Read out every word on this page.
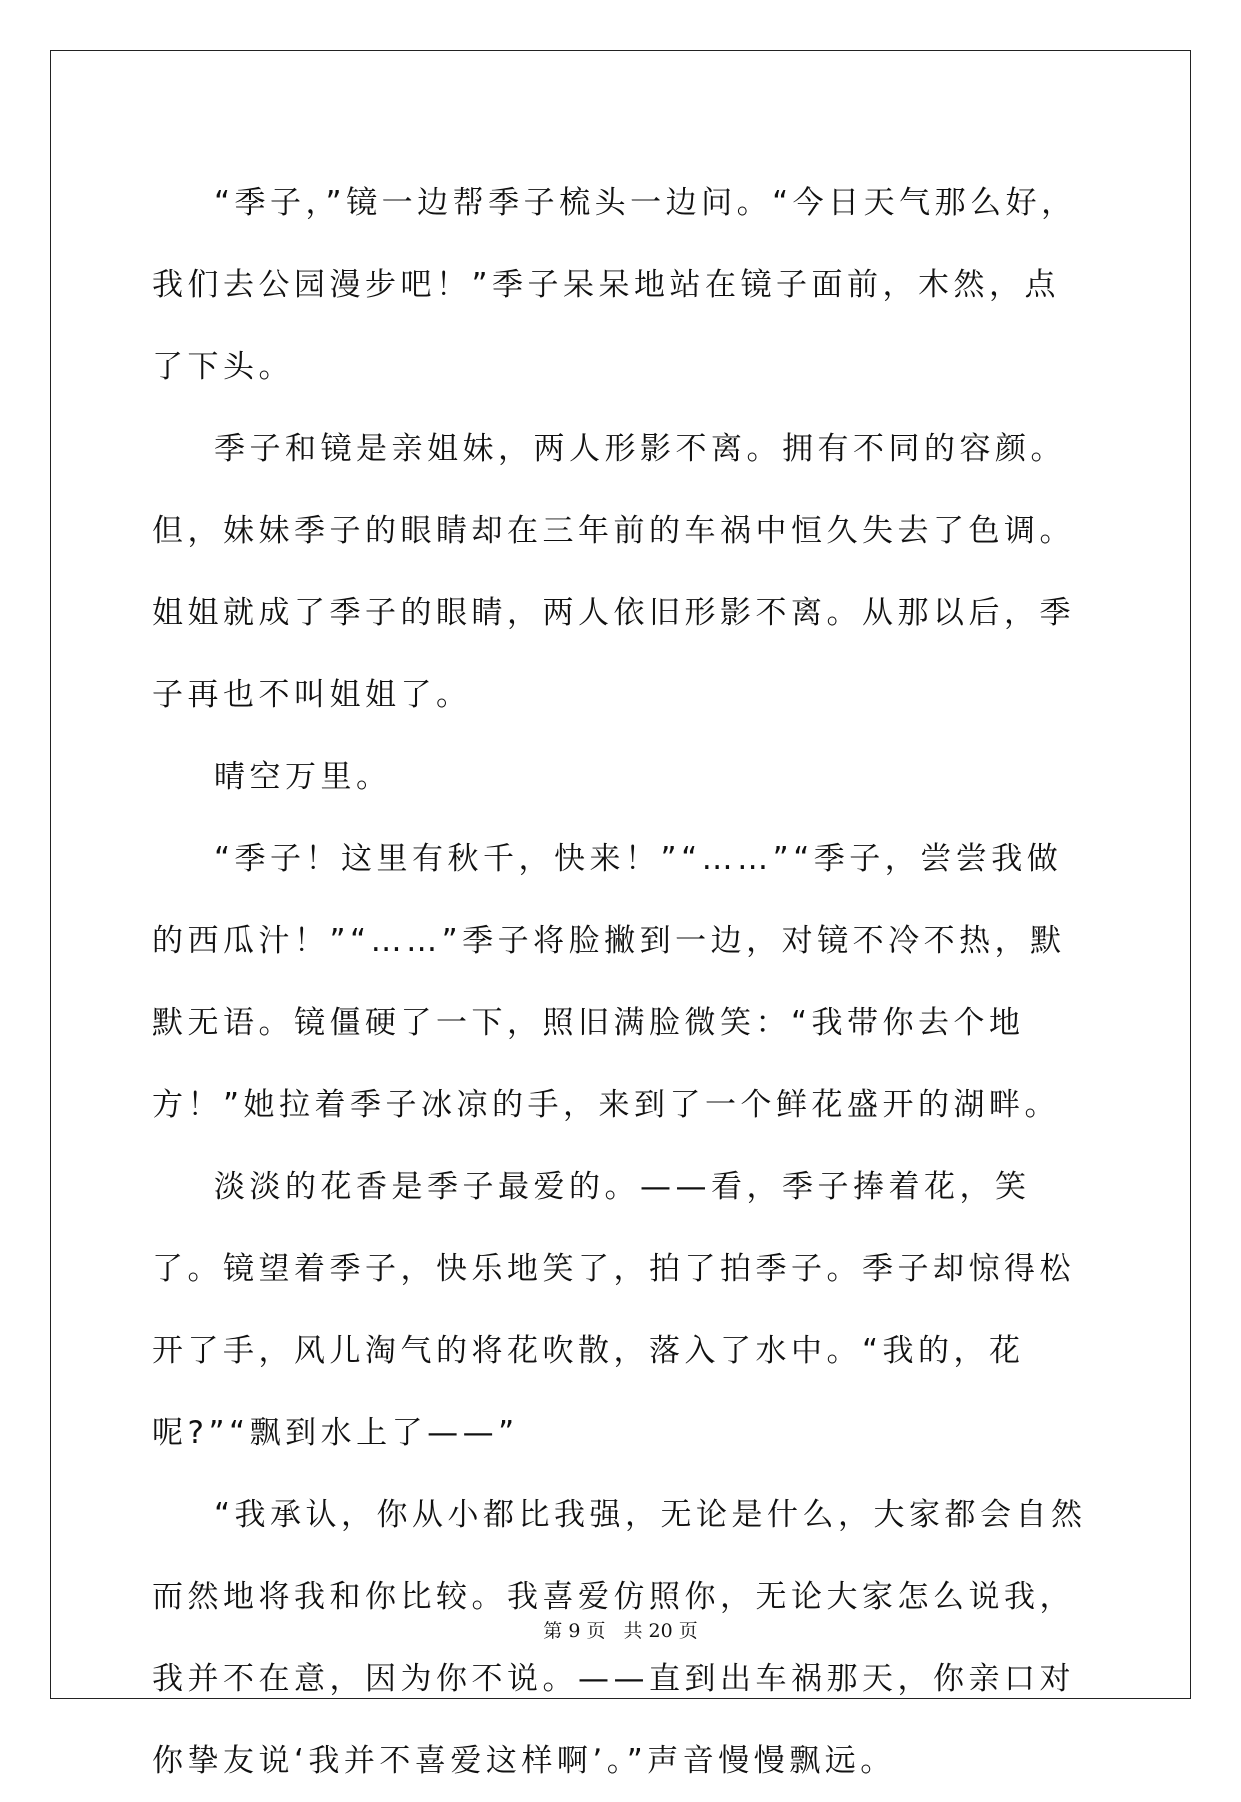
“季子，”镜一边帮季子梳头一边问。“今日天气那么好，我们去公园漫步吧！”季子呆呆地站在镜子面前，木然，点了下头。

季子和镜是亲姐妹，两人形影不离。拥有不同的容颜。但，妹妹季子的眼睛却在三年前的车祸中恒久失去了色调。姐姐就成了季子的眼睛，两人依旧形影不离。从那以后，季子再也不叫姐姐了。

晴空万里。

“季子！这里有秋千，快来！”“……”“季子，尝尝我做的西瓜汁！”“……”季子将脸撇到一边，对镜不冷不热，默默无语。镜僵硬了一下，照旧满脸微笑：“我带你去个地方！”她拉着季子冰凉的手，来到了一个鲜花盛开的湖畔。

淡淡的花香是季子最爱的。——看，季子捧着花，笑了。镜望着季子，快乐地笑了，拍了拍季子。季子却惊得松开了手，风儿淘气的将花吹散，落入了水中。“我的，花呢?”“飘到水上了——”

“我承认，你从小都比我强，无论是什么，大家都会自然而然地将我和你比较。我喜爱仿照你，无论大家怎么说我，我并不在意，因为你不说。——直到出车祸那天，你亲口对你挚友说‘我并不喜爱这样啊’。”声音慢慢飘远。

第 9 页 共 20 页
